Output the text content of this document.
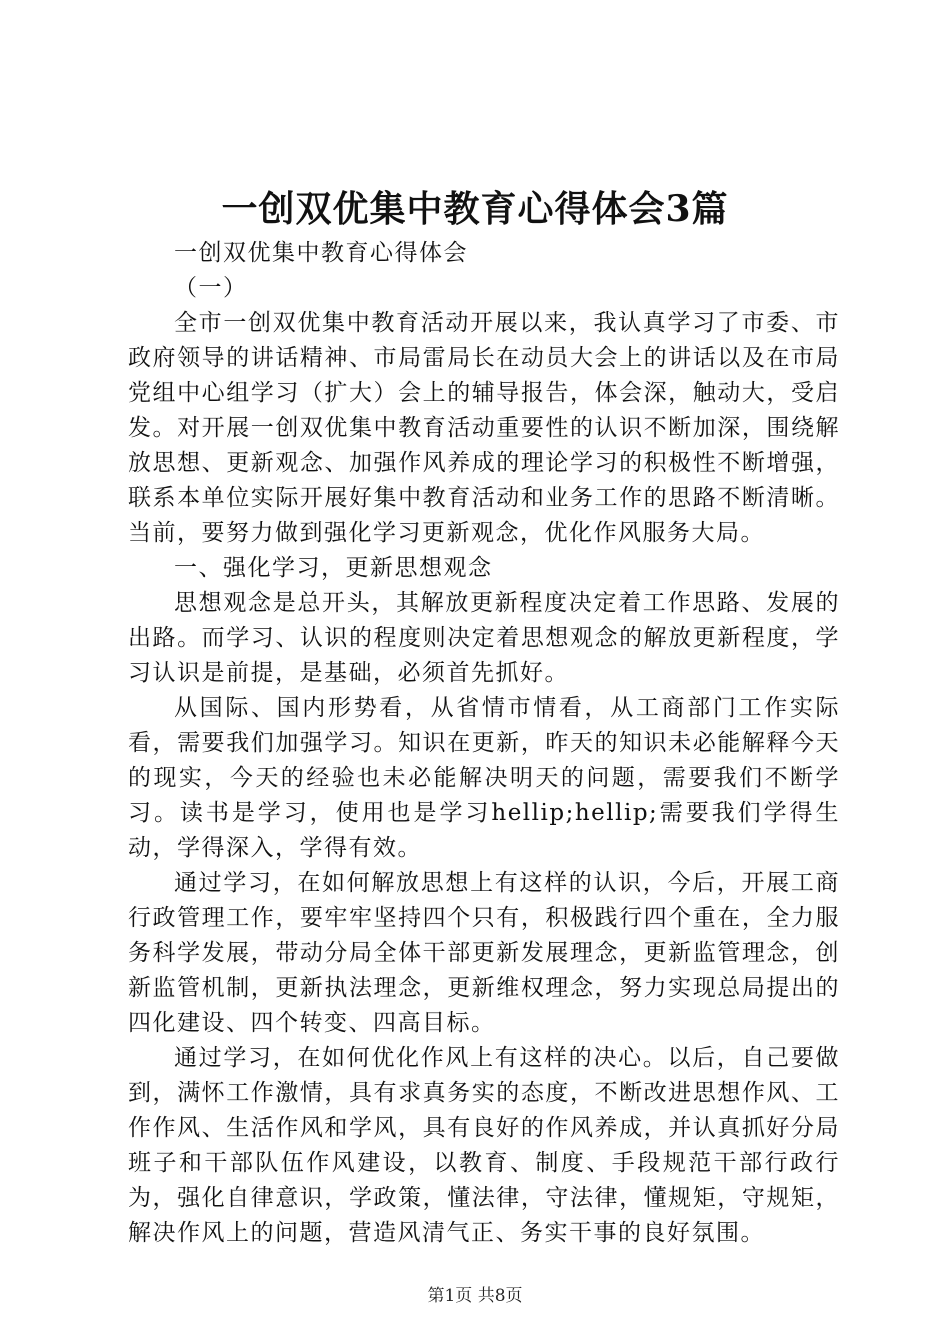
一创双优集中教育心得体会3篇

一创双优集中教育心得体会

（一）

全市一创双优集中教育活动开展以来，我认真学习了市委、市政府领导的讲话精神、市局雷局长在动员大会上的讲话以及在市局党组中心组学习（扩大）会上的辅导报告，体会深，触动大，受启发。对开展一创双优集中教育活动重要性的认识不断加深，围绕解放思想、更新观念、加强作风养成的理论学习的积极性不断增强，联系本单位实际开展好集中教育活动和业务工作的思路不断清晰。当前，要努力做到强化学习更新观念，优化作风服务大局。

一、强化学习，更新思想观念

思想观念是总开头，其解放更新程度决定着工作思路、发展的出路。而学习、认识的程度则决定着思想观念的解放更新程度，学习认识是前提，是基础，必须首先抓好。

从国际、国内形势看，从省情市情看，从工商部门工作实际看，需要我们加强学习。知识在更新，昨天的知识未必能解释今天的现实，今天的经验也未必能解决明天的问题，需要我们不断学习。读书是学习，使用也是学习hellip;hellip;需要我们学得生动，学得深入，学得有效。

通过学习，在如何解放思想上有这样的认识，今后，开展工商行政管理工作，要牢牢坚持四个只有，积极践行四个重在，全力服务科学发展，带动分局全体干部更新发展理念，更新监管理念，创新监管机制，更新执法理念，更新维权理念，努力实现总局提出的四化建设、四个转变、四高目标。

通过学习，在如何优化作风上有这样的决心。以后，自己要做到，满怀工作激情，具有求真务实的态度，不断改进思想作风、工作作风、生活作风和学风，具有良好的作风养成，并认真抓好分局班子和干部队伍作风建设，以教育、制度、手段规范干部行政行为，强化自律意识，学政策，懂法律，守法律，懂规矩，守规矩，解决作风上的问题，营造风清气正、务实干事的良好氛围。

第1页 共8页
